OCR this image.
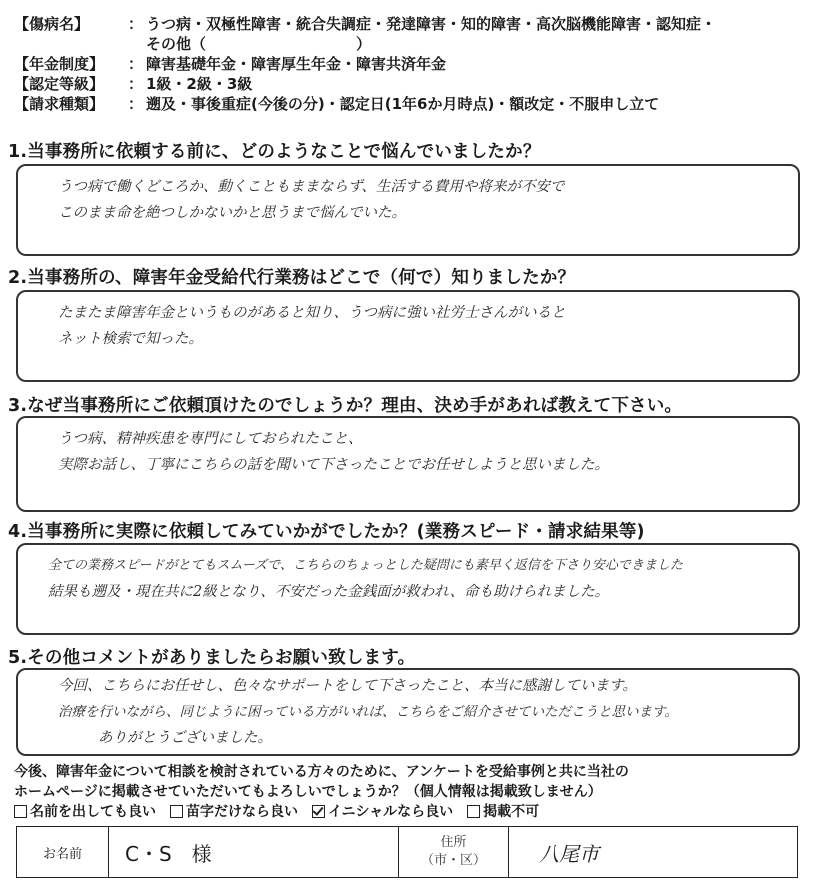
【傷病名】	： うつ病・双極性障害・統合失調症・発達障害・知的障害・高次脳機能障害・認知症・
その他（	）
【年金制度】	： 障害基礎年金・障害厚生年金・障害共済年金
【認定等級】	： 1級・2級・3級
【請求種類】	： 遡及・事後重症(今後の分)・認定日(1年6か月時点)・額改定・不服申し立て
1.当事務所に依頼する前に、どのようなことで悩んでいましたか？
うつ病で働くどころか、動くこともままならず、生活する費用や将来が不安で
このまま命を絶つしかないかと思うまで悩んでいた。
2.当事務所の、障害年金受給代行業務はどこで（何で）知りましたか？
たまたま障害年金というものがあると知り、うつ病に強い社労士さんがいると
ネット検索で知った。
3.なぜ当事務所にご依頼頂けたのでしょうか？理由、決め手があれば教えて下さい。
うつ病、精神疾患を専門にしておられたこと、
実際お話し、丁寧にこちらの話を聞いて下さったことでお任せしようと思いました。
4.当事務所に実際に依頼してみていかがでしたか？(業務スピード・請求結果等)
全ての業務スピードがとてもスムーズで、こちらのちょっとした疑問にも素早く返信を下さり安心できました
結果も遡及・現在共に2級となり、不安だった金銭面が救われ、命も助けられました。
5.その他コメントがありましたらお願い致します。
今回、こちらにお任せし、色々なサポートをして下さったこと、本当に感謝しています。
治療を行いながら、同じように困っている方がいれば、こちらをご紹介させていただこうと思います。
ありがとうございました。
今後、障害年金について相談を検討されている方々のために、アンケートを受給事例と共に当社の
ホームページに掲載させていただいてもよろしいでしょうか？（個人情報は掲載致しません）
名前を出しても良い 苗字だけなら良い イニシャルなら良い 掲載不可
お名前	C・S　様	住所
（市・区）	八尾市
